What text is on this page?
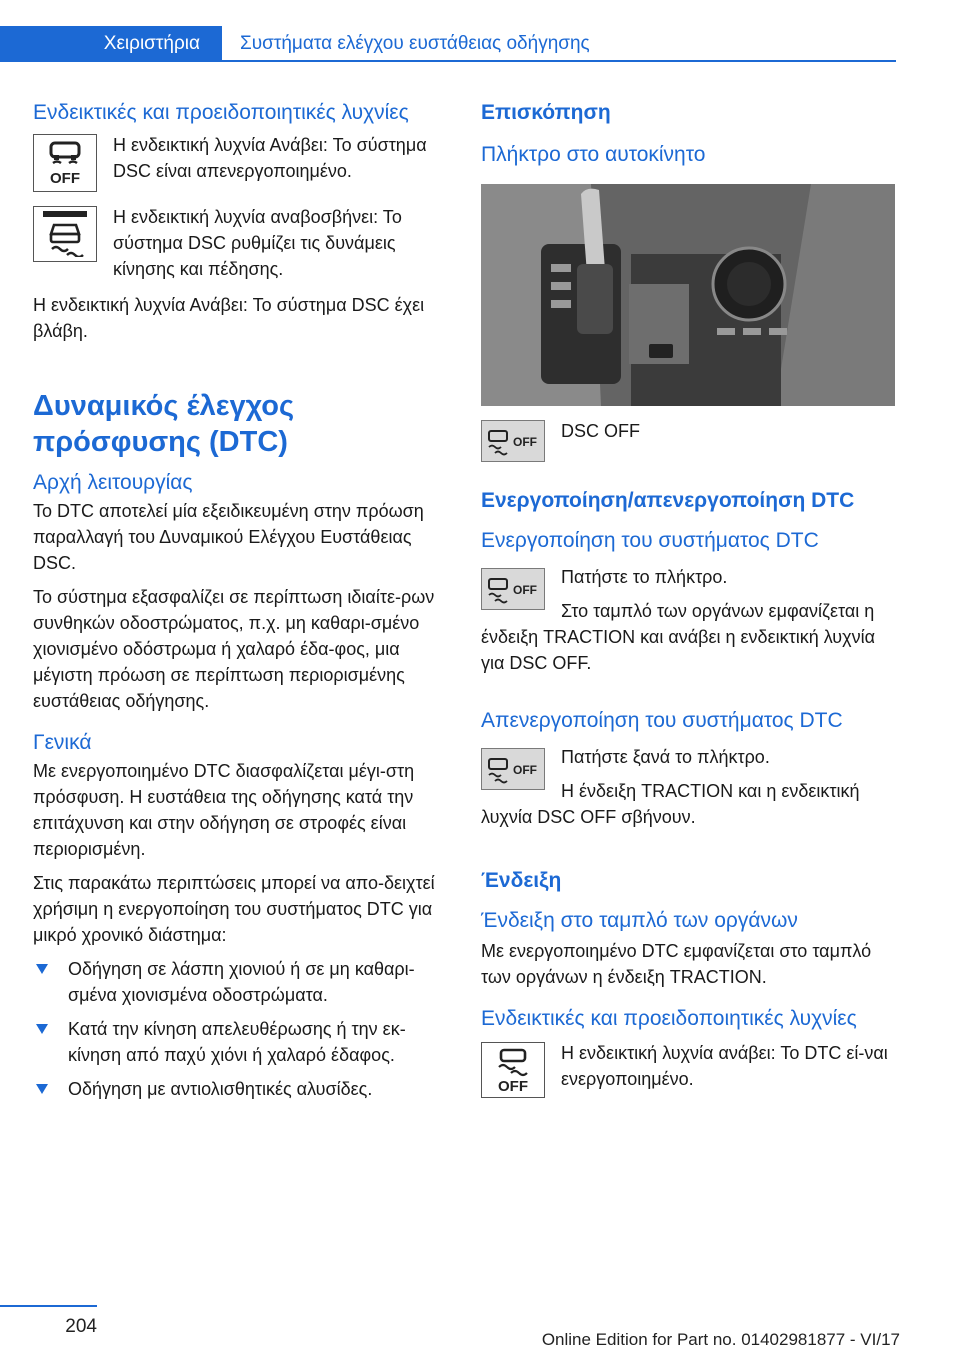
Χειριστήρια	Συστήματα ελέγχου ευστάθειας οδήγησης
Ενδεικτικές και προειδοποιητικές λυχνίες
OFF
Η ενδεικτική λυχνία Ανάβει: Το σύστημα DSC είναι απενεργοποιημένο.
Η ενδεικτική λυχνία αναβοσβήνει: Το σύστημα DSC ρυθμίζει τις δυνάμεις κίνησης και πέδησης.

Η ενδεικτική λυχνία Ανάβει: Το σύστημα DSC έχει βλάβη.

Δυναμικός έλεγχος πρόσφυσης (DTC)
Αρχή λειτουργίας

Το DTC αποτελεί μία εξειδικευμένη στην πρόωση παραλλαγή του Δυναμικού Ελέγχου Ευστάθειας DSC.

Το σύστημα εξασφαλίζει σε περίπτωση ιδιαίτε-ρων συνθηκών οδοστρώματος, π.χ. μη καθαρι-σμένο χιονισμένο οδόστρωμα ή χαλαρό έδα-φος, μια μέγιστη πρόωση σε περίπτωση περιορισμένης ευστάθειας οδήγησης.

Γενικά

Με ενεργοποιημένο DTC διασφαλίζεται μέγι-στη πρόσφυση. Η ευστάθεια της οδήγησης κατά την επιτάχυνση και στην οδήγηση σε στροφές είναι περιορισμένη.

Στις παρακάτω περιπτώσεις μπορεί να απο-δειχτεί χρήσιμη η ενεργοποίηση του συστήματος DTC για μικρό χρονικό διάστημα:

Οδήγηση σε λάσπη χιονιού ή σε μη καθαρι-σμένα χιονισμένα οδοστρώματα.
Κατά την κίνηση απελευθέρωσης ή την εκ-κίνηση από παχύ χιόνι ή χαλαρό έδαφος.
Οδήγηση με αντιολισθητικές αλυσίδες.
Επισκόπηση
Πλήκτρο στο αυτοκίνητο
OFF
DSC OFF
Ενεργοποίηση/απενεργοποίηση DTC
Ενεργοποίηση του συστήματος DTC
OFF

Πατήστε το πλήκτρο.

Στο ταμπλό των οργάνων εμφανίζεται η ένδειξη TRACTION και ανάβει η ενδεικτική λυχνία για DSC OFF.

Απενεργοποίηση του συστήματος DTC
OFF

Πατήστε ξανά το πλήκτρο.

Η ένδειξη TRACTION και η ενδεικτική λυχνία DSC OFF σβήνουν.

Ένδειξη
Ένδειξη στο ταμπλό των οργάνων

Με ενεργοποιημένο DTC εμφανίζεται στο ταμπλό των οργάνων η ένδειξη TRACTION.

Ενδεικτικές και προειδοποιητικές λυχνίες
OFF
Η ενδεικτική λυχνία ανάβει: Το DTC εί-ναι ενεργοποιημένο.
204
Online Edition for Part no. 01402981877 - VI/17
